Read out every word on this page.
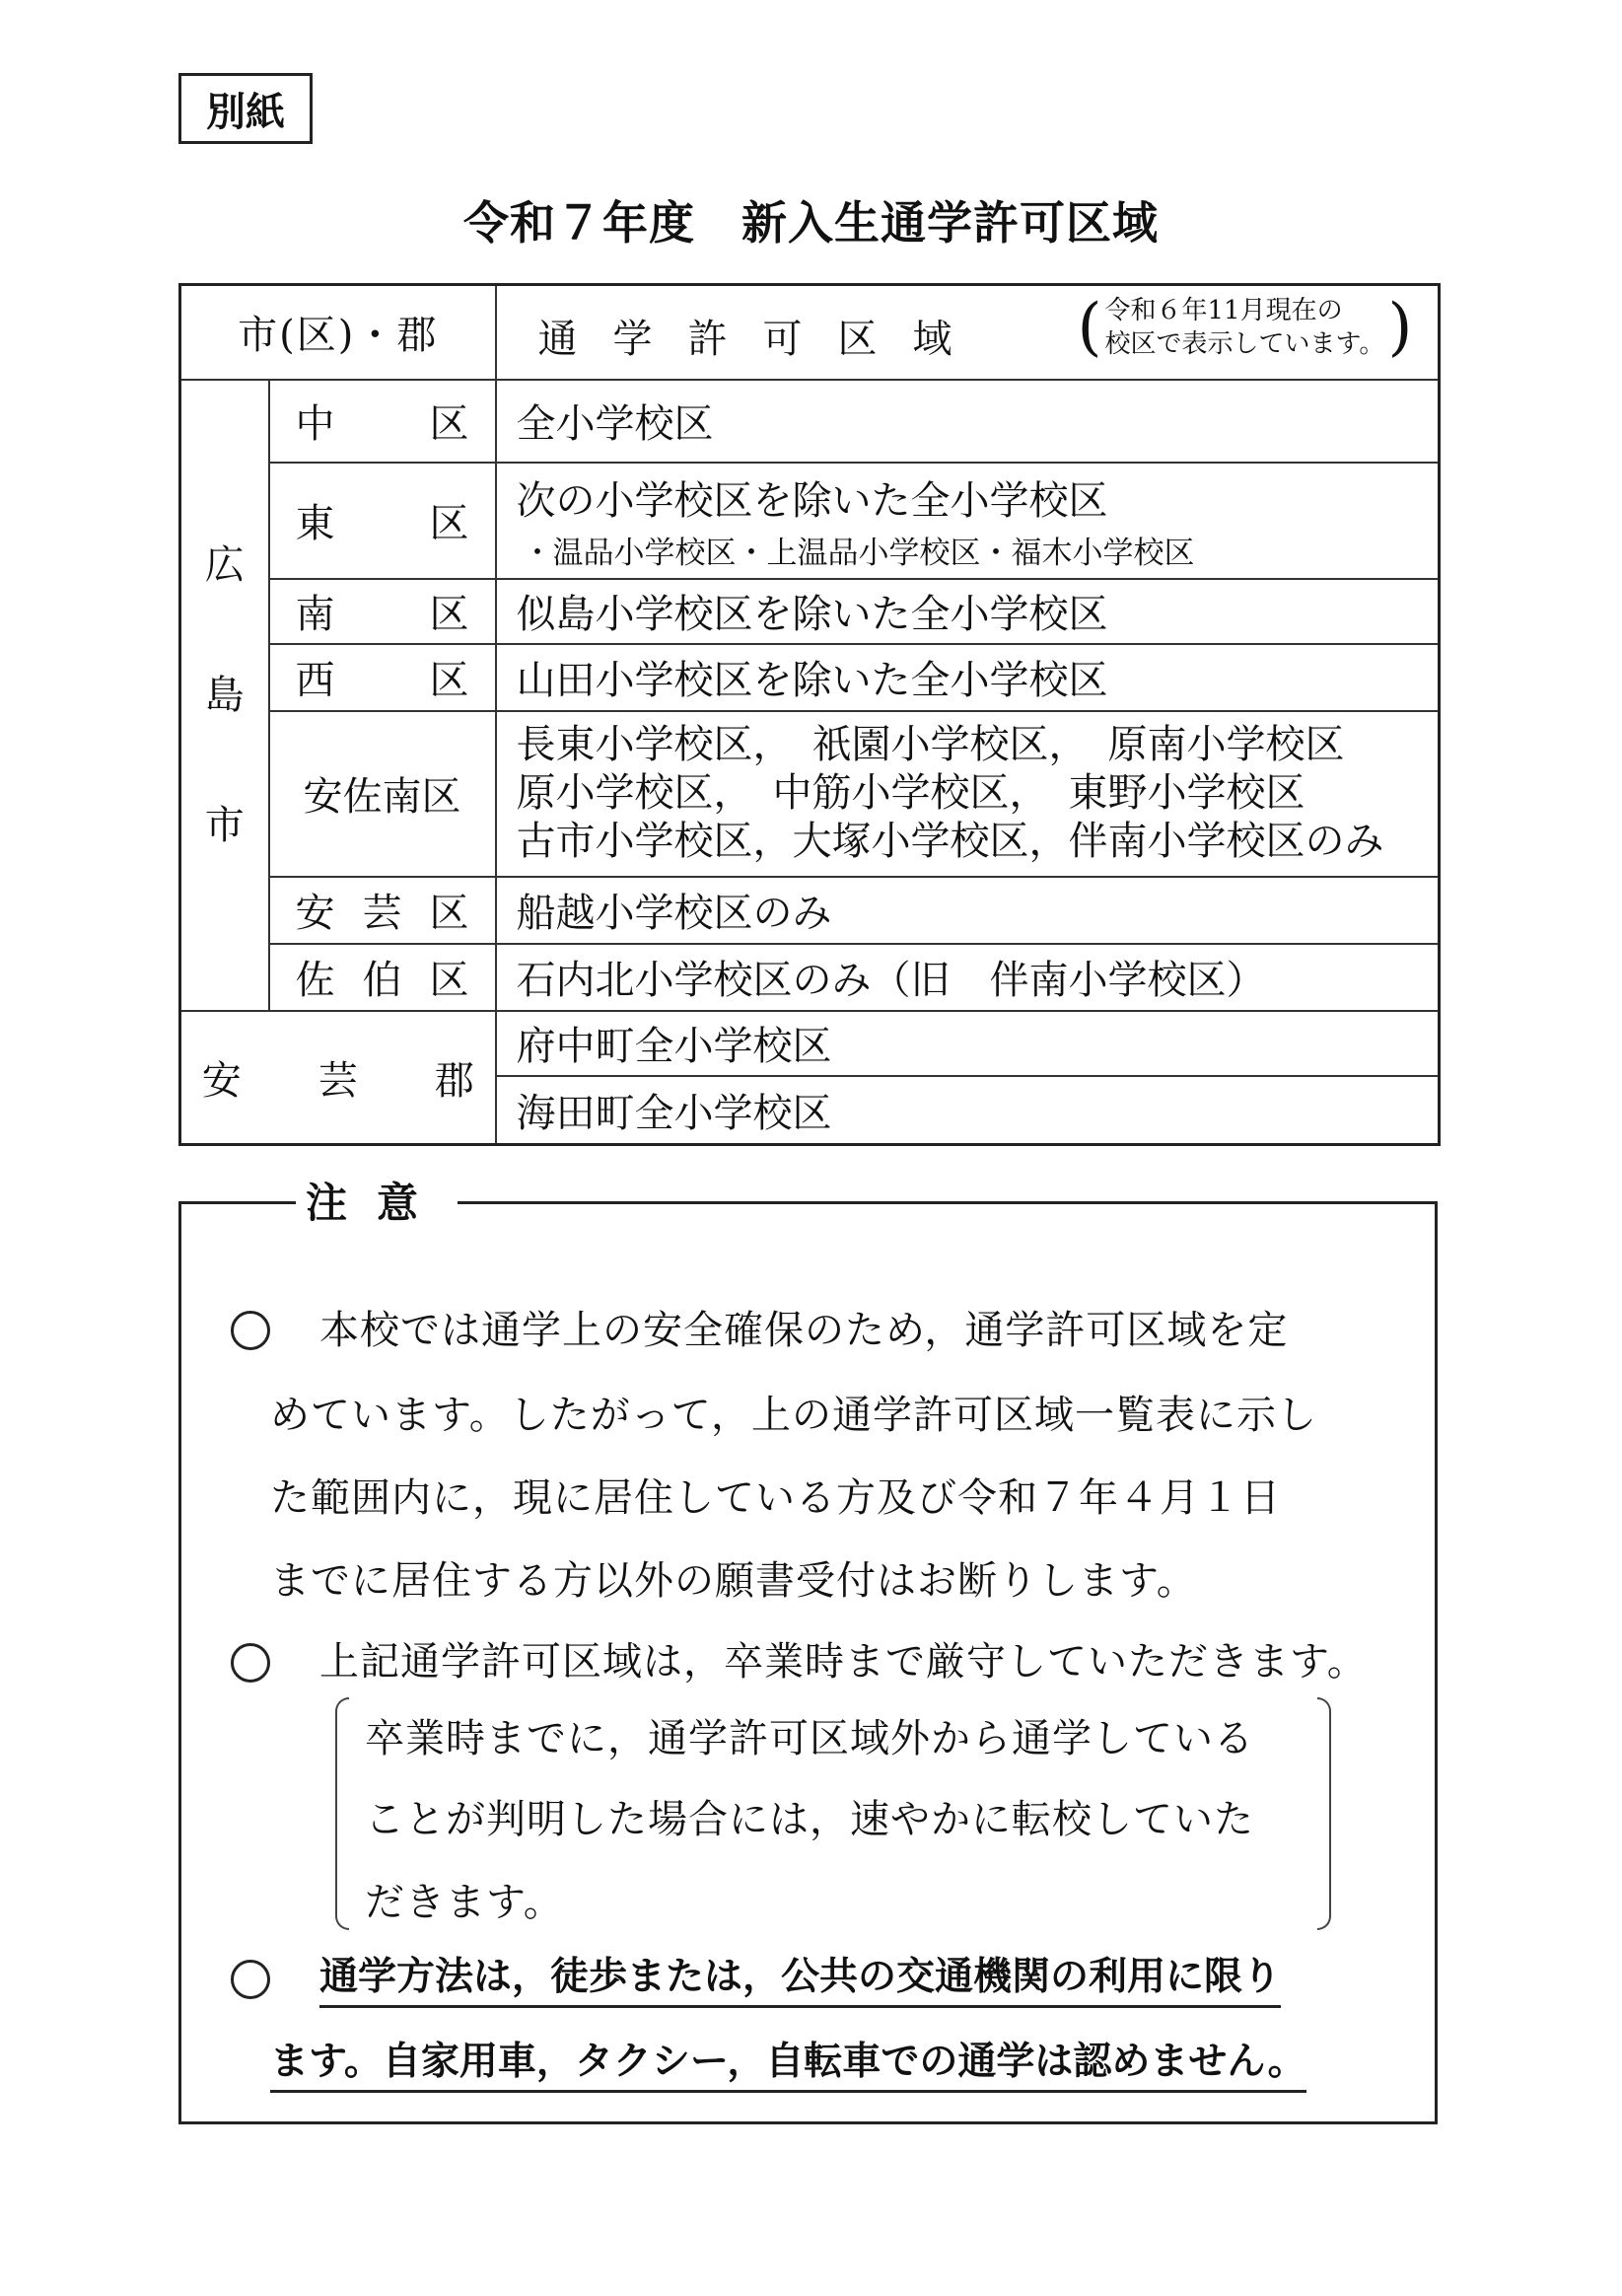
別紙
令和７年度　新入生通学許可区域
市(区)・郡		通学許可区域
( 令和６年11月現在の
校区で表示しています。
)

広
島
市	中 区	全小学校区

	東 区	次の小学校区を除いた全小学校区
・温品小学校区・上温品小学校区・福木小学校区

	南 区	似島小学校区を除いた全小学校区

	西 区	山田小学校区を除いた全小学校区
	安佐南区	長東小学校区，　祇園小学校区，　原南小学校区
原小学校区，　中筋小学校区，　東野小学校区
古市小学校区，大塚小学校区，伴南小学校区のみ

	安 芸 区	船越小学校区のみ

	佐 伯 区	石内北小学校区のみ（旧　伴南小学校区）

安 芸 郡		府中町全小学校区
		海田町全小学校区
注意
本校では通学上の安全確保のため，通学許可区域を定
めています。したがって，上の通学許可区域一覧表に示し
た範囲内に，現に居住している方及び令和７年４月１日
までに居住する方以外の願書受付はお断りします。
上記通学許可区域は，卒業時まで厳守していただきます。
卒業時までに，通学許可区域外から通学している
ことが判明した場合には，速やかに転校していた
だきます。
通学方法は，徒歩または，公共の交通機関の利用に限り
ます。自家用車，タクシー，自転車での通学は認めません。
